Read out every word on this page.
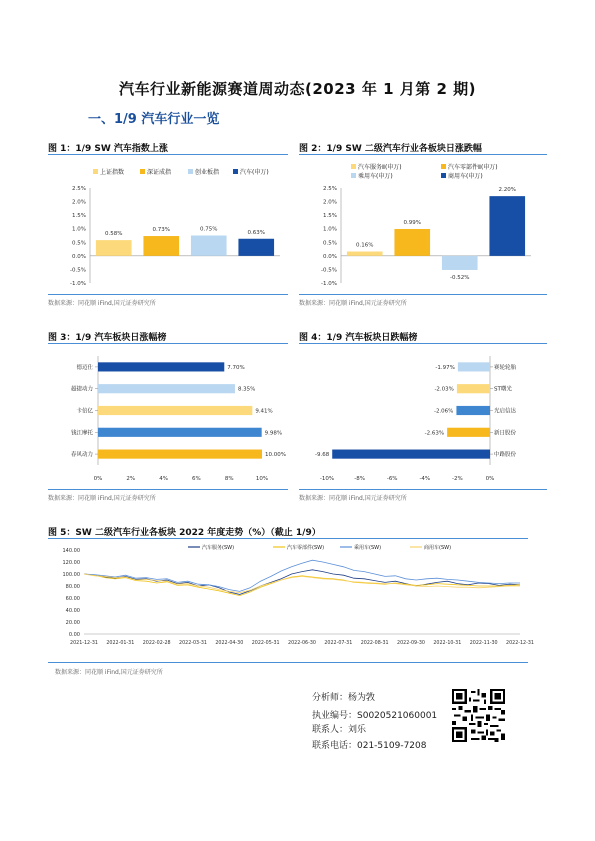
汽车行业新能源赛道周动态(2023 年 1 月第 2 期)
一、1/9 汽车行业一览
图 1：1/9 SW 汽车指数上涨
2.5%
2.0%
1.5%
1.0%
0.5%
0.0%
-0.5%
-1.0%
0.58%
0.73%	0.75%
0.63%
上证指数	深证成指	创业板指	汽车(申万)
数据来源：同花顺 iFind,国元证券研究所
图 2：1/9 SW 二级汽车行业各板块日涨跌幅
2.5%
2.0%
1.5%
1.0%
0.5%
0.0%
-0.5%
-1.0%
0.16%
0.99%
-0.52%
2.20%
汽车服务Ⅱ(申万)	汽车零部件Ⅱ(申万)
乘用车(申万)	商用车(申万)
数据来源：同花顺 iFind,国元证券研究所
图 3：1/9 汽车板块日涨幅榜
7.70%
德迈仕
8.35%
超捷动力
9.41%
卡倍亿
9.98%
钱江摩托
10.00%
春风动力
0%	2%	4%	6%	8%	10%
数据来源：同花顺 iFind,国元证券研究所
图 4：1/9 汽车板块日跌幅榜
-1.97%	赛轮轮胎
-2.03%	ST曙光
-2.06%	光启信达
-2.63%	新日股份
-9.68	中路股份
-10%	-8%	-6%	-4%	-2%	0%
数据来源：同花顺 iFind,国元证券研究所
图 5：SW 二级汽车行业各板块 2022 年度走势（%）（截止 1/9）
140.00
120.00
100.00
80.00
60.00
40.00
20.00
0.00
2021-12-31 2022-01-31 2022-02-28 2022-03-31 2022-04-30 2022-05-31 2022-06-30 2022-07-31 2022-08-31 2022-09-30 2022-10-31 2022-11-30 2022-12-31
汽车服务(SW)	汽车零部件(SW)	乘用车(SW)	商用车(SW)
数据来源：同花顺 iFind,国元证券研究所
分析师：杨为敩
执业编号：S0020521060001
联系人：刘乐
联系电话：021-5109-7208
